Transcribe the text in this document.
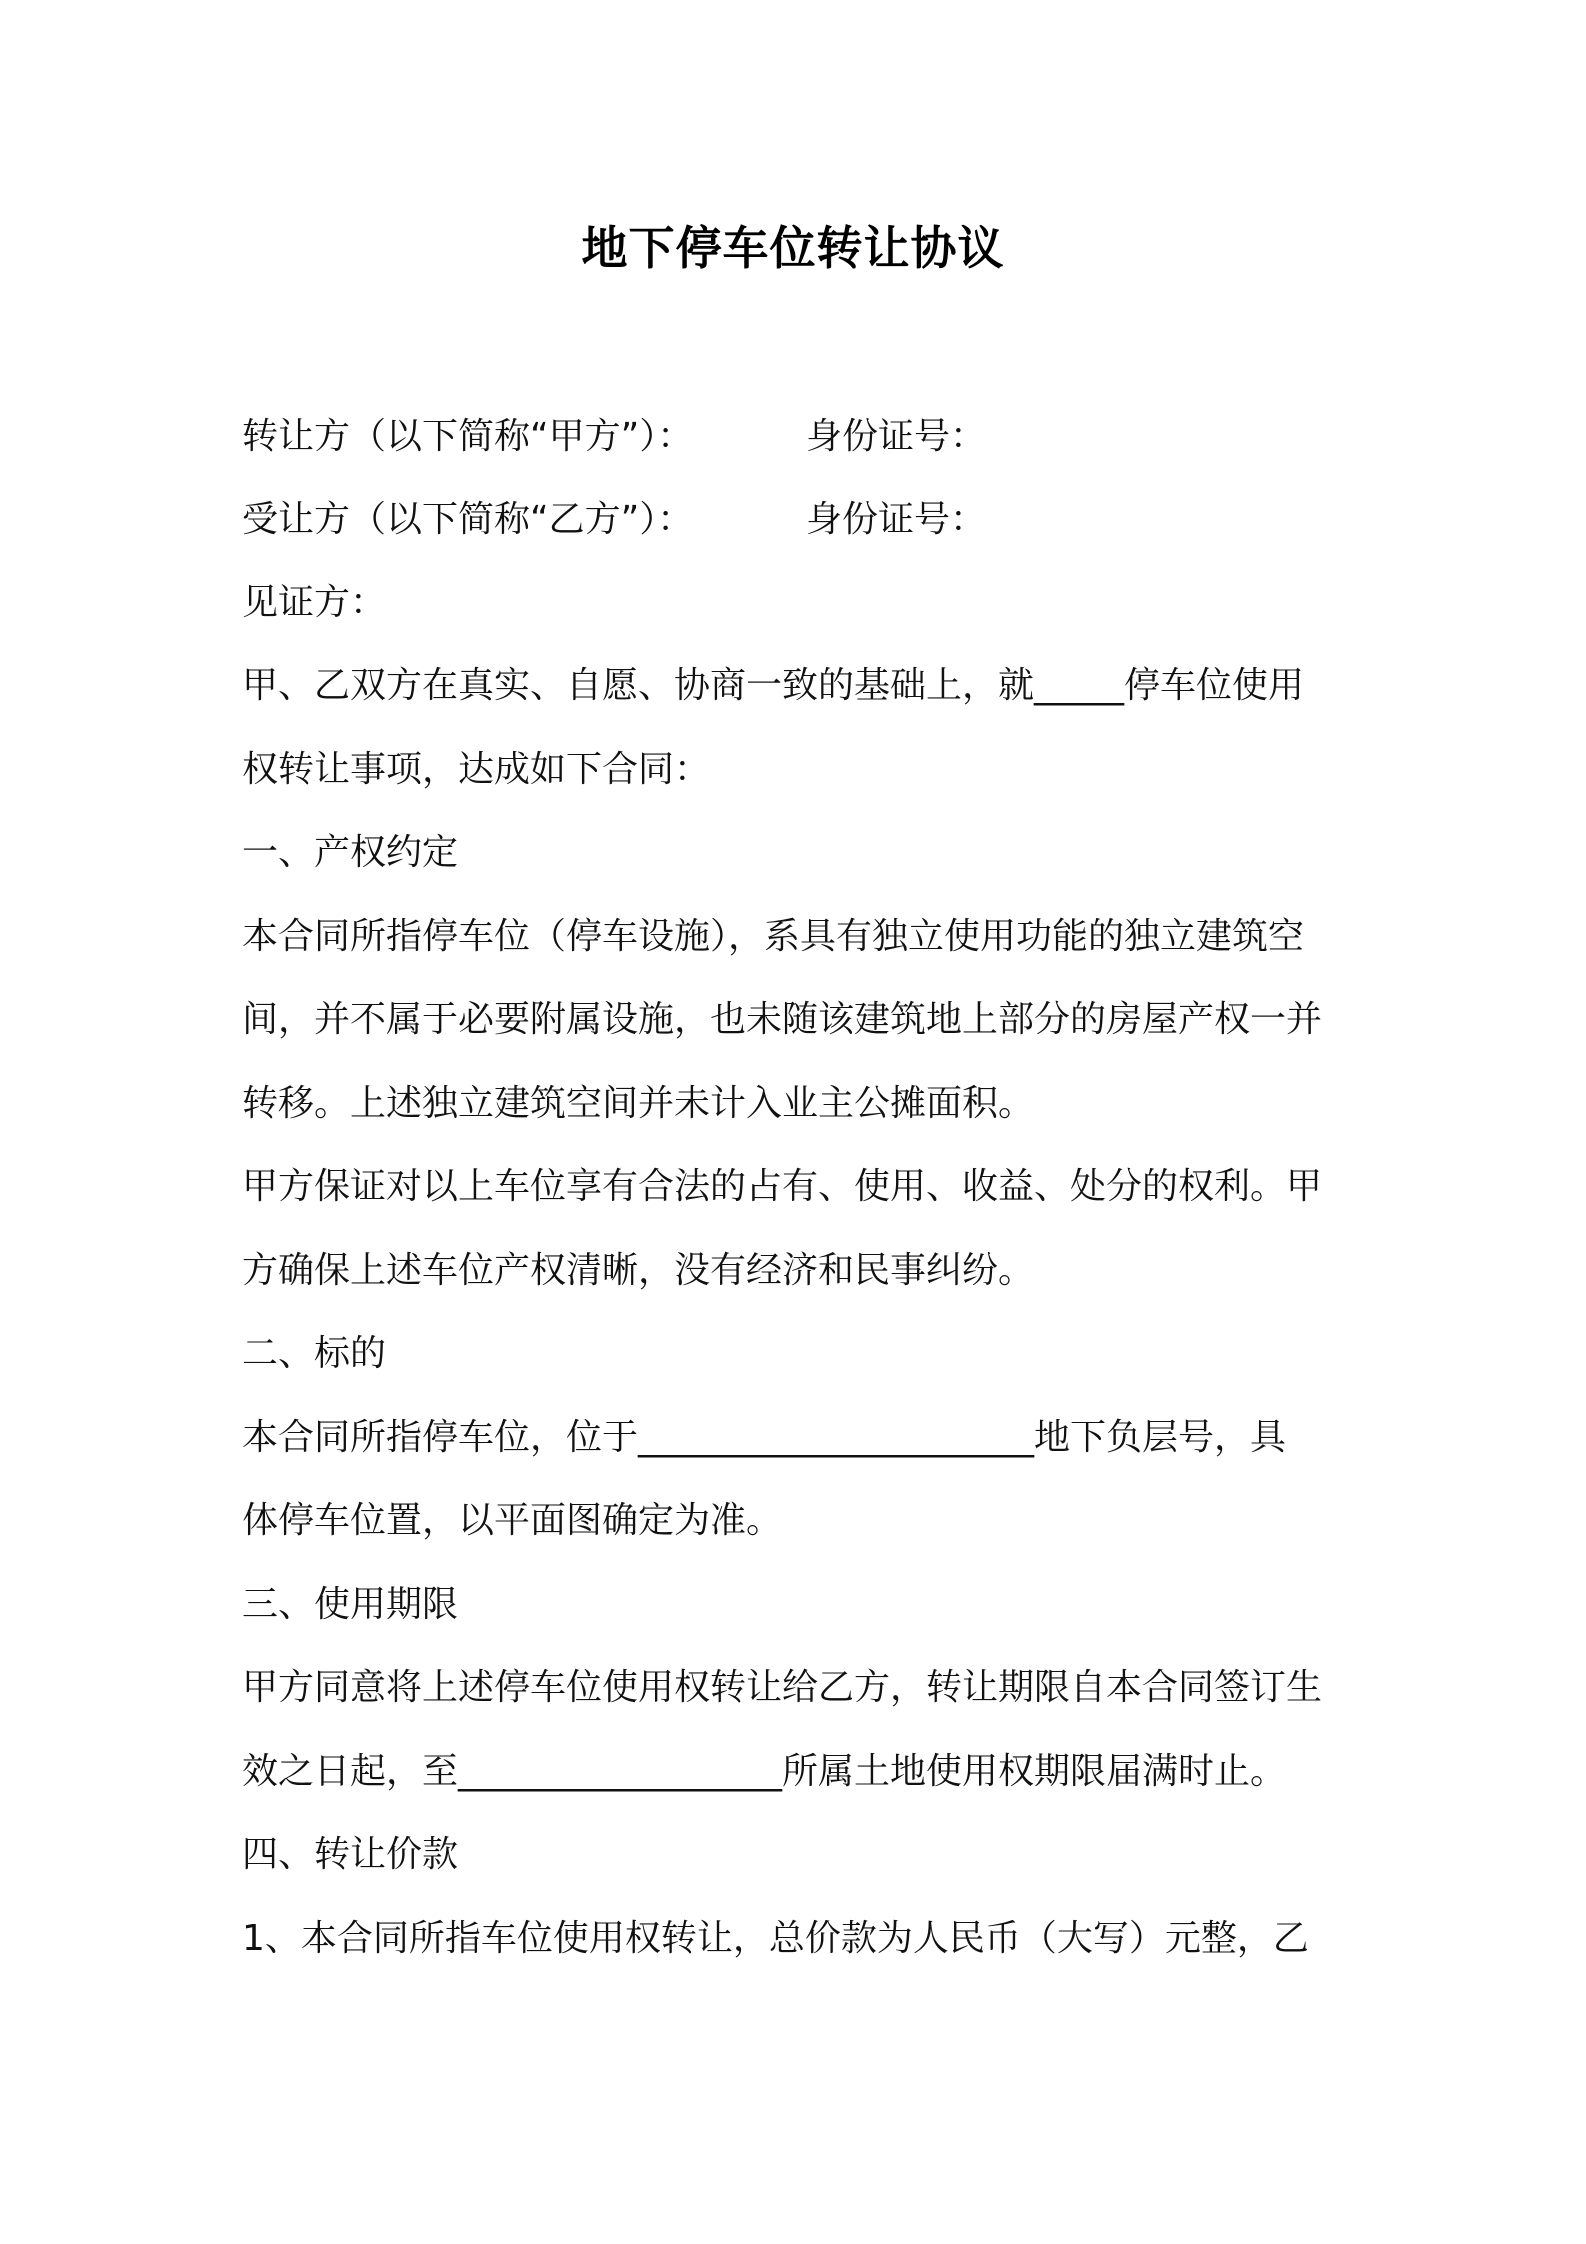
地下停车位转让协议
转让方（以下简称“甲方”）：	身份证号：
受让方（以下简称“乙方”）：	身份证号：
见证方：
甲、乙双方在真实、自愿、协商一致的基础上，就_____停车位使用
权转让事项，达成如下合同：
一、产权约定
本合同所指停车位（停车设施），系具有独立使用功能的独立建筑空
间，并不属于必要附属设施，也未随该建筑地上部分的房屋产权一并
转移。上述独立建筑空间并未计入业主公摊面积。
甲方保证对以上车位享有合法的占有、使用、收益、处分的权利。甲
方确保上述车位产权清晰，没有经济和民事纠纷。
二、标的
本合同所指停车位，位于______________________地下负层号，具
体停车位置，以平面图确定为准。
三、使用期限
甲方同意将上述停车位使用权转让给乙方，转让期限自本合同签订生
效之日起，至__________________所属土地使用权期限届满时止。
四、转让价款
1、本合同所指车位使用权转让，总价款为人民币（大写）元整，乙
